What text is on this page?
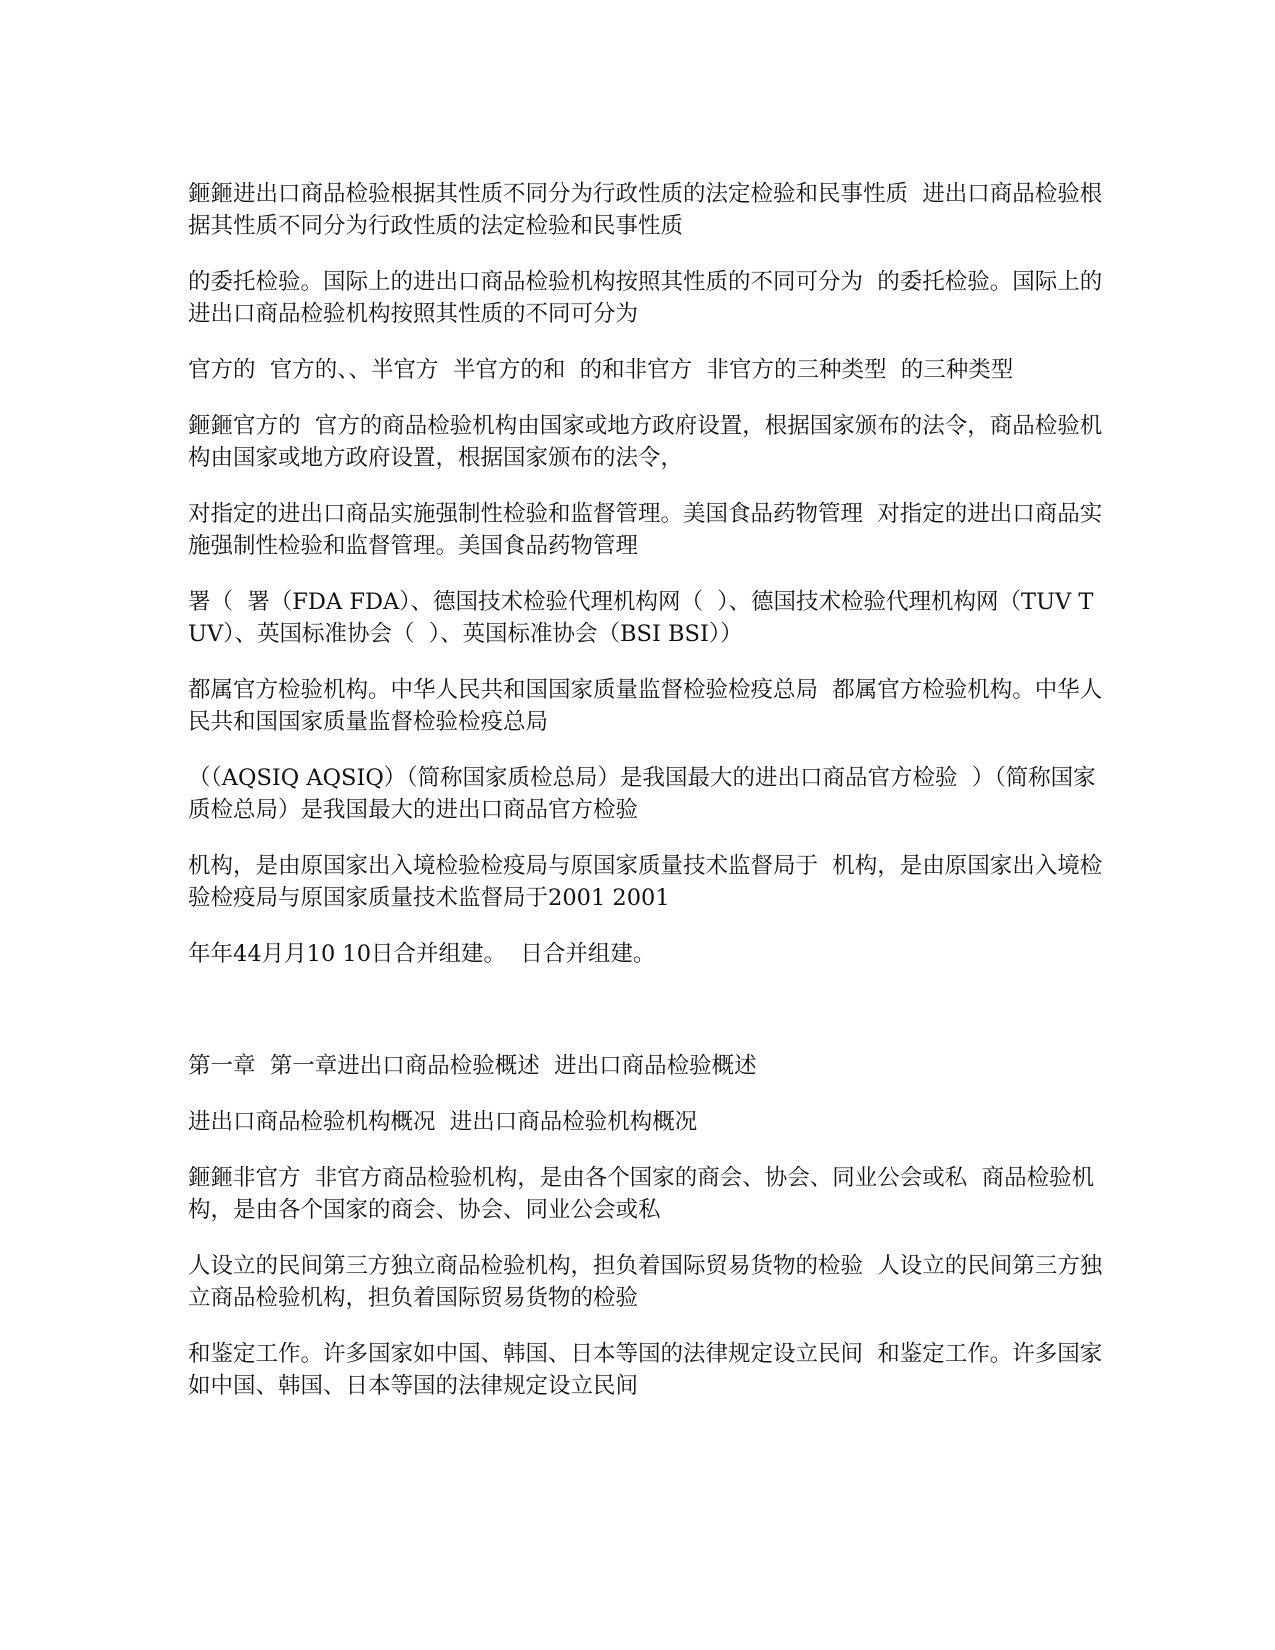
鉔鉔进出口商品检验根据其性质不同分为行政性质的法定检验和民事性质  进出口商品检验根据其性质不同分为行政性质的法定检验和民事性质

的委托检验。国际上的进出口商品检验机构按照其性质的不同可分为  的委托检验。国际上的进出口商品检验机构按照其性质的不同可分为

官方的  官方的、、半官方  半官方的和  的和非官方  非官方的三种类型  的三种类型

鉔鉔官方的  官方的商品检验机构由国家或地方政府设置，根据国家颁布的法令，商品检验机构由国家或地方政府设置，根据国家颁布的法令，

对指定的进出口商品实施强制性检验和监督管理。美国食品药物管理  对指定的进出口商品实施强制性检验和监督管理。美国食品药物管理

署（  署（FDA FDA）、德国技术检验代理机构网（  ）、德国技术检验代理机构网（TUV TUV）、英国标准协会（  ）、英国标准协会（BSI BSI））

都属官方检验机构。中华人民共和国国家质量监督检验检疫总局  都属官方检验机构。中华人民共和国国家质量监督检验检疫总局

（（AQSIQ AQSIQ）（简称国家质检总局）是我国最大的进出口商品官方检验  ）（简称国家质检总局）是我国最大的进出口商品官方检验

机构，是由原国家出入境检验检疫局与原国家质量技术监督局于  机构，是由原国家出入境检验检疫局与原国家质量技术监督局于2001 2001

年年44月月10 10日合并组建。  日合并组建。

第一章  第一章进出口商品检验概述  进出口商品检验概述

进出口商品检验机构概况  进出口商品检验机构概况

鉔鉔非官方  非官方商品检验机构，是由各个国家的商会、协会、同业公会或私  商品检验机构，是由各个国家的商会、协会、同业公会或私

人设立的民间第三方独立商品检验机构，担负着国际贸易货物的检验  人设立的民间第三方独立商品检验机构，担负着国际贸易货物的检验

和鉴定工作。许多国家如中国、韩国、日本等国的法律规定设立民间  和鉴定工作。许多国家如中国、韩国、日本等国的法律规定设立民间
